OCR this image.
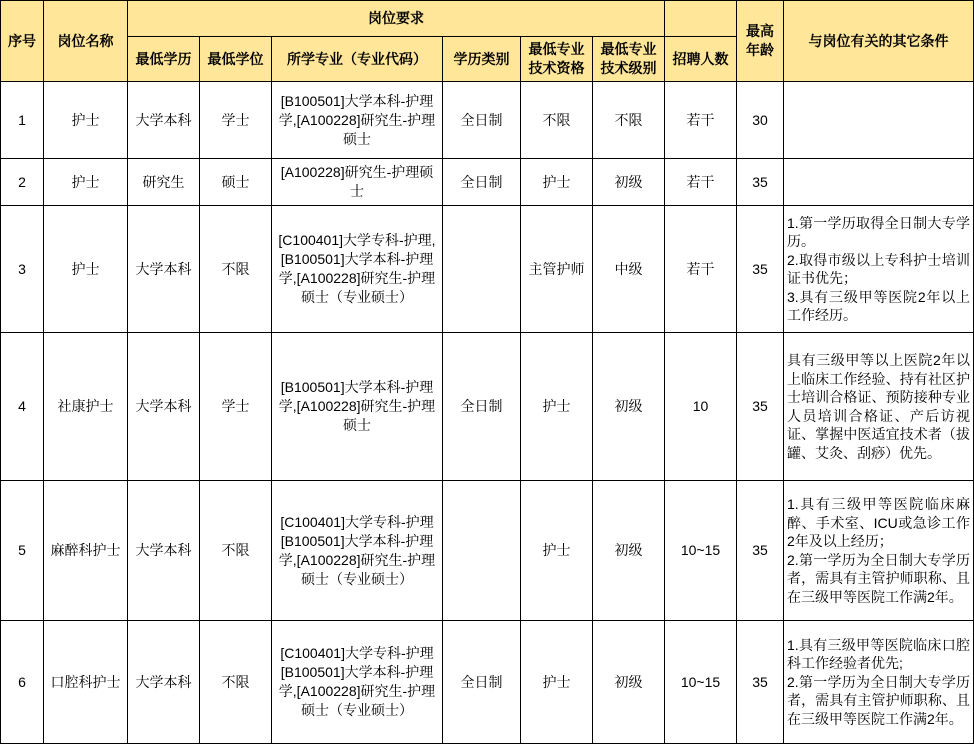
序号	岗位名称	岗位要求							最高年龄	与岗位有关的其它条件
		最低学历	最低学位	所学专业（专业代码）	学历类别	最低专业技术资格	最低专业技术级别	招聘人数		
1	护士	大学本科	学士	[B100501]大学本科-护理学,[A100228]研究生-护理硕士	全日制	不限	不限	若干	30	
2	护士	研究生	硕士	[A100228]研究生-护理硕士	全日制	护士	初级	若干	35	
3	护士	大学本科	不限	[C100401]大学专科-护理,[B100501]大学本科-护理学,[A100228]研究生-护理硕士（专业硕士）		主管护师	中级	若干	35	1.第一学历取得全日制大专学历。
2.取得市级以上专科护士培训证书优先；
3.具有三级甲等医院2年以上工作经历。

4	社康护士	大学本科	学士	[B100501]大学本科-护理学,[A100228]研究生-护理硕士	全日制	护士	初级	10	35	具有三级甲等以上医院2年以上临床工作经验、持有社区护士培训合格证、预防接种专业人员培训合格证、产后访视证、掌握中医适宜技术者（拔罐、艾灸、刮痧）优先。

5	麻醉科护士	大学本科	不限	[C100401]大学专科-护理[B100501]大学本科-护理学,[A100228]研究生-护理硕士（专业硕士）		护士	初级	10~15	35	1.具有三级甲等医院临床麻醉、手术室、ICU或急诊工作2年及以上经历；
2.第一学历为全日制大专学历者，需具有主管护师职称、且在三级甲等医院工作满2年。

6	口腔科护士	大学本科	不限	[C100401]大学专科-护理[B100501]大学本科-护理学,[A100228]研究生-护理硕士（专业硕士）	全日制	护士	初级	10~15	35	1.具有三级甲等医院临床口腔科工作经验者优先;
2.第一学历为全日制大专学历者，需具有主管护师职称、且在三级甲等医院工作满2年。
